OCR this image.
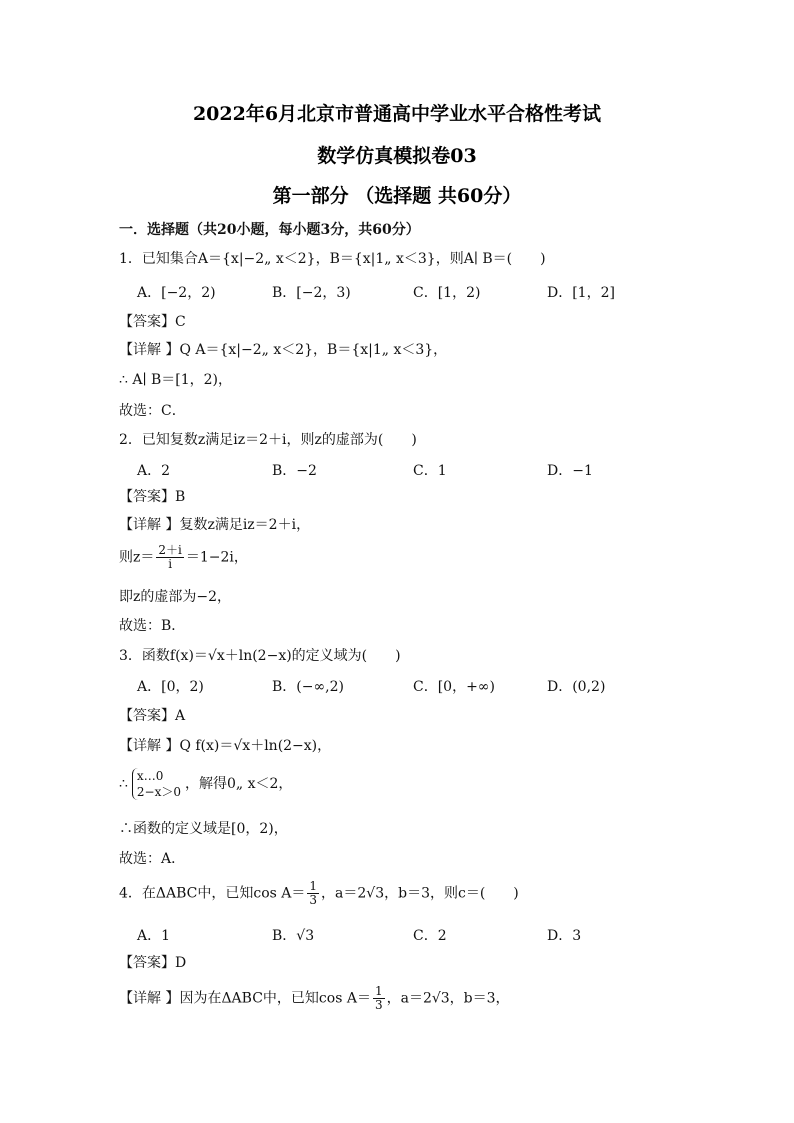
2022年6月北京市普通高中学业水平合格性考试
数学仿真模拟卷03
第一部分 （选择题 共60分）
一．选择题（共20小题，每小题3分，共60分）
1．已知集合A＝{x|−2„ x＜2}，B＝{x|1„ x＜3}，则A∣ B＝(　　)
A．[−2，2)	B．[−2，3)	C．[1，2)	D．[1，2]
【答案】C
【详解 】Q A＝{x|−2„ x＜2}，B＝{x|1„ x＜3}，
∴ A∣ B＝[1，2)，
故选：C．
2．已知复数z满足iz＝2＋i，则z的虚部为(　　)
A．2	B．−2	C．1	D．−1
【答案】B
【详解 】复数z满足iz＝2＋i，
则$z= \frac{2+i}{i} =1-2i$，
即z的虚部为−2，
故选：B．
3．函数f(x)＝√x＋ln(2−x)的定义域为(　　)
A．[0，2)	B．(−∞,2)	C．[0，+∞)	D．(0,2)
【答案】A
【详解 】Q f(x)＝√x＋ln(2−x)，
∴ x…0
2−x＞0 ，解得0„ x＜2，
∴函数的定义域是[0，2)，
故选：A．
4．在ΔABC中，已知$\cos A= \frac{1}{3}$ ，a＝2√3，b＝3，则c＝(　　)
A．1	B．√3	C．2	D．3
【答案】D
【详解 】因为在ΔABC中，已知$\cos A= \frac{1}{3}$ ，a＝2√3，b＝3，
